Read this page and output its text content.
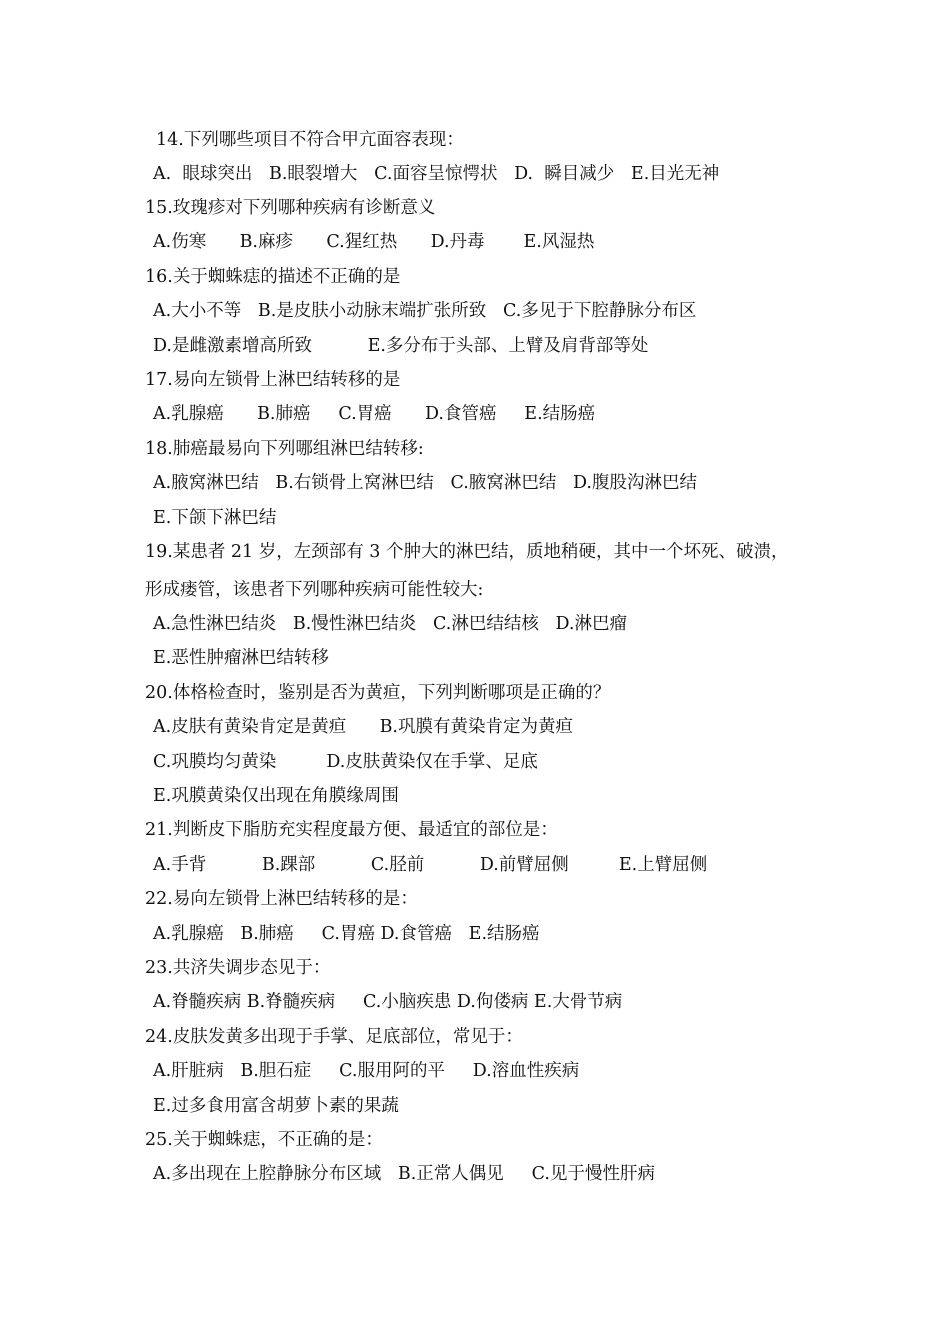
14.下列哪些项目不符合甲亢面容表现：

A.  眼球突出   B.眼裂增大   C.面容呈惊愕状   D.  瞬目减少   E.目光无神

15.玫瑰疹对下列哪种疾病有诊断意义

A.伤寒      B.麻疹      C.猩红热      D.丹毒       E.风湿热

16.关于蜘蛛痣的描述不正确的是

A.大小不等   B.是皮肤小动脉末端扩张所致   C.多见于下腔静脉分布区

D.是雌激素增高所致          E.多分布于头部、上臂及肩背部等处

17.易向左锁骨上淋巴结转移的是

A.乳腺癌      B.肺癌     C.胃癌      D.食管癌     E.结肠癌

18.肺癌最易向下列哪组淋巴结转移:

A.腋窝淋巴结   B.右锁骨上窝淋巴结   C.腋窝淋巴结   D.腹股沟淋巴结

E.下颌下淋巴结

19.某患者 21 岁，左颈部有 3 个肿大的淋巴结，质地稍硬，其中一个坏死、破溃，

形成瘘管，该患者下列哪种疾病可能性较大:

A.急性淋巴结炎   B.慢性淋巴结炎   C.淋巴结结核   D.淋巴瘤

E.恶性肿瘤淋巴结转移

20.体格检查时，鉴别是否为黄疸，下列判断哪项是正确的？

A.皮肤有黄染肯定是黄疸      B.巩膜有黄染肯定为黄疸

C.巩膜均匀黄染         D.皮肤黄染仅在手掌、足底

E.巩膜黄染仅出现在角膜缘周围

21.判断皮下脂肪充实程度最方便、最适宜的部位是：

A.手背          B.踝部          C.胫前          D.前臂屈侧         E.上臂屈侧

22.易向左锁骨上淋巴结转移的是：

A.乳腺癌   B.肺癌     C.胃癌 D.食管癌   E.结肠癌

23.共济失调步态见于：

A.脊髓疾病 B.脊髓疾病     C.小脑疾患 D.佝偻病 E.大骨节病

24.皮肤发黄多出现于手掌、足底部位，常见于：

A.肝脏病   B.胆石症     C.服用阿的平     D.溶血性疾病

E.过多食用富含胡萝卜素的果蔬

25.关于蜘蛛痣，不正确的是：

A.多出现在上腔静脉分布区域   B.正常人偶见     C.见于慢性肝病
